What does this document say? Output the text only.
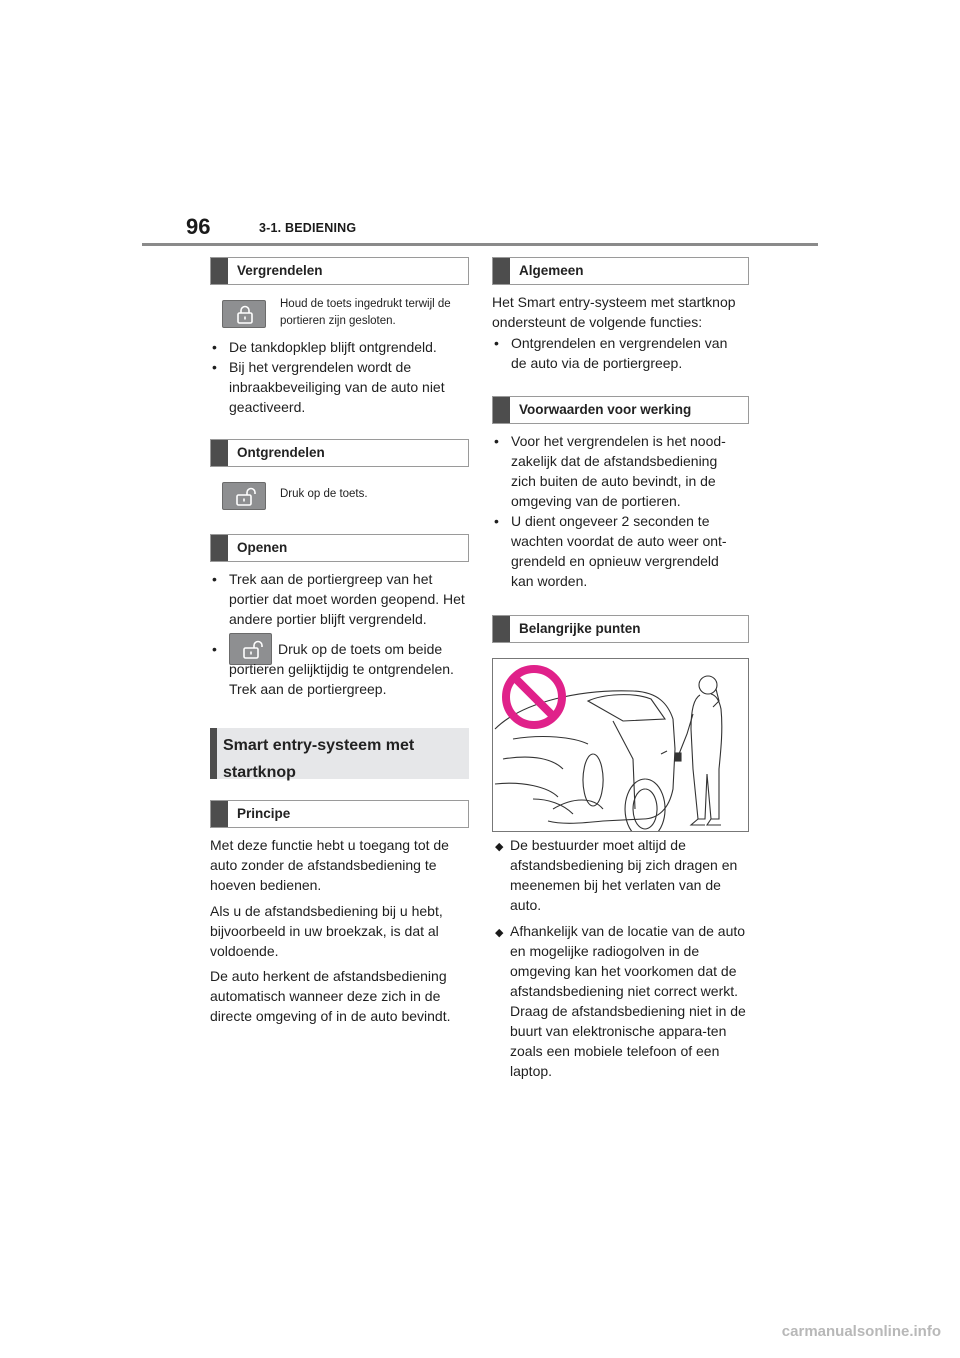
96	3-1. BEDIENING
Vergrendelen
Houd de toets ingedrukt terwijl de portieren zijn gesloten.
• De tankdopklep blijft ontgrendeld.
• Bij het vergrendelen wordt de inbraakbeveiliging van de auto niet geactiveerd.
Ontgrendelen
Druk op de toets.
Openen
• Trek aan de portiergreep van het portier dat moet worden geopend. Het andere portier blijft vergrendeld.
•	Druk op de toets om beide portieren gelijktijdig te ontgrendelen. Trek aan de portiergreep.
Smart entry-systeem met startknop
Principe
Met deze functie hebt u toegang tot de auto zonder de afstandsbediening te hoeven bedienen.
Als u de afstandsbediening bij u hebt, bijvoorbeeld in uw broekzak, is dat al voldoende.
De auto herkent de afstandsbediening automatisch wanneer deze zich in de directe omgeving of in de auto bevindt.
Algemeen
Het Smart entry-systeem met startknop ondersteunt de volgende functies:
• Ontgrendelen en vergrendelen van de auto via de portiergreep.
Voorwaarden voor werking
• Voor het vergrendelen is het nood-zakelijk dat de afstandsbediening zich buiten de auto bevindt, in de omgeving van de portieren.
• U dient ongeveer 2 seconden te wachten voordat de auto weer ont-grendeld en opnieuw vergrendeld kan worden.
Belangrijke punten
◆ De bestuurder moet altijd de afstandsbediening bij zich dragen en meenemen bij het verlaten van de auto.
◆ Afhankelijk van de locatie van de auto en mogelijke radiogolven in de omgeving kan het voorkomen dat de afstandsbediening niet correct werkt. Draag de afstandsbediening niet in de buurt van elektronische appara-ten zoals een mobiele telefoon of een laptop.
carmanualsonline.info
